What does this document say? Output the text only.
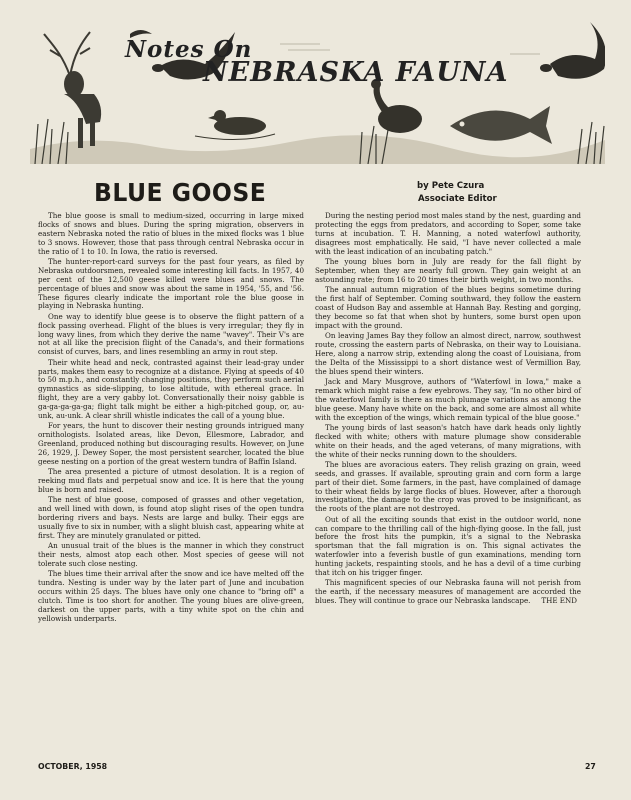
Notes On
NEBRASKA FAUNA
BLUE GOOSE	by Pete Czura
Associate Editor

The blue goose is small to medium-sized, occurring in large mixed flocks of snows and blues. During the spring migration, observers in eastern Nebraska noted the ratio of blues in the mixed flocks was 1 blue to 3 snows. However, those that pass through central Nebraska occur in the ratio of 1 to 10. In Iowa, the ratio is reversed.

The hunter-report-card surveys for the past four years, as filed by Nebraska outdoorsmen, revealed some interesting kill facts. In 1957, 40 per cent of the 12,500 geese killed were blues and snows. The percentage of blues and snow was about the same in 1954, '55, and '56. These figures clearly indicate the important role the blue goose in playing in Nebraska hunting.

One way to identify blue geese is to observe the flight pattern of a flock passing overhead. Flight of the blues is very irregular; they fly in long wavy lines, from which they derive the name "wavey". Their V's are not at all like the precision flight of the Canada's, and their formations consist of curves, bars, and lines resembling an army in rout step.

Their white head and neck, contrasted against their lead-gray under parts, makes them easy to recognize at a distance. Flying at speeds of 40 to 50 m.p.h., and constantly changing positions, they perform such aerial gymnastics as side-slipping, to lose altitude, with ethereal grace. In flight, they are a very gabby lot. Conversationally their noisy gabble is ga-ga-ga-ga-ga; flight talk might be either a high-pitched goup, or, au-unk, au-unk. A clear shrill whistle indicates the call of a young blue.

For years, the hunt to discover their nesting grounds intrigued many ornithologists. Isolated areas, like Devon, Ellesmore, Labrador, and Greenland, produced nothing but discouraging results. However, on June 26, 1929, J. Dewey Soper, the most persistent searcher, located the blue geese nesting on a portion of the great western tundra of Baffin Island.

The area presented a picture of utmost desolation. It is a region of reeking mud flats and perpetual snow and ice. It is here that the young blue is born and raised.

The nest of blue goose, composed of grasses and other vegetation, and well lined with down, is found atop slight rises of the open tundra bordering rivers and bays. Nests are large and bulky. Their eggs are usually five to six in number, with a slight bluish cast, appearing white at first. They are minutely granulated or pitted.

An unusual trait of the blues is the manner in which they construct their nests, almost atop each other. Most species of geese will not tolerate such close nesting.

The blues time their arrival after the snow and ice have melted off the tundra. Nesting is under way by the later part of June and incubation occurs within 25 days. The blues have only one chance to "bring off" a clutch. Time is too short for another. The young blues are olive-green, darkest on the upper parts, with a tiny white spot on the chin and yellowish underparts.

During the nesting period most males stand by the nest, guarding and protecting the eggs from predators, and according to Soper, some take turns at incubation. T. H. Manning, a noted waterfowl authority, disagrees most emphatically. He said, "I have never collected a male with the least indication of an incubating patch."

The young blues born in July are ready for the fall flight by September, when they are nearly full grown. They gain weight at an astounding rate; from 16 to 20 times their birth weight, in two months.

The annual autumn migration of the blues begins sometime during the first half of September. Coming southward, they follow the eastern coast of Hudson Bay and assemble at Hannah Bay. Resting and gorging, they become so fat that when shot by hunters, some burst open upon impact with the ground.

On leaving James Bay they follow an almost direct, narrow, southwest route, crossing the eastern parts of Nebraska, on their way to Louisiana. Here, along a narrow strip, extending along the coast of Louisiana, from the Delta of the Mississippi to a short distance west of Vermillion Bay, the blues spend their winters.

Jack and Mary Musgrove, authors of "Waterfowl in Iowa," make a remark which might raise a few eyebrows. They say, "In no other bird of the waterfowl family is there as much plumage variations as among the blue geese. Many have white on the back, and some are almost all white with the exception of the wings, which remain typical of the blue goose."

The young birds of last season's hatch have dark heads only lightly flecked with white; others with mature plumage show considerable white on their heads, and the aged veterans, of many migrations, with the white of their necks running down to the shoulders.

The blues are avoracious eaters. They relish grazing on grain, weed seeds, and grasses. If available, sprouting grain and corn form a large part of their diet. Some farmers, in the past, have complained of damage to their wheat fields by large flocks of blues. However, after a thorough investigation, the damage to the crop was proved to be insignificant, as the roots of the plant are not destroyed.

Out of all the exciting sounds that exist in the outdoor world, none can compare to the thrilling call of the high-flying goose. In the fall, just before the frost hits the pumpkin, it's a signal to the Nebraska sportsman that the fall migration is on. This signal activates the waterfowler into a feverish bustle of gun examinations, mending torn hunting jackets, respainting stools, and he has a devil of a time curbing that itch on his trigger finger.

This magnificent species of our Nebraska fauna will not perish from the earth, if the necessary measures of management are accorded the blues. They will continue to grace our Nebraska landscape. THE END

OCTOBER, 1958	27
